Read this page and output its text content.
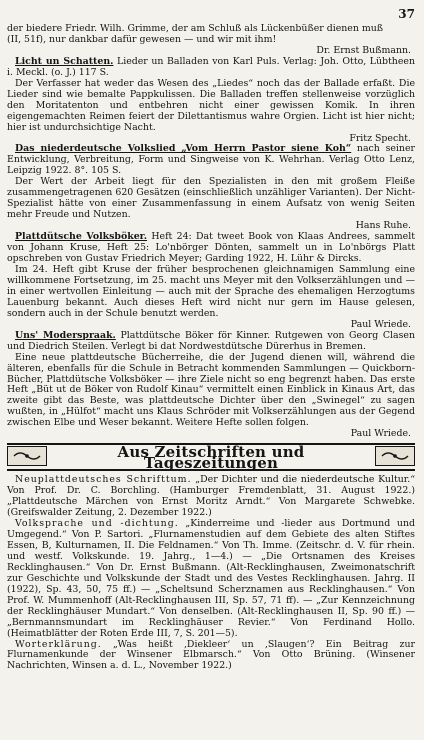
37

der biedere Friedr. Wilh. Grimme, der am Schluß als Lückenbüßer dienen muß

(II, 51f), nur dankbar dafür gewesen — und wir mit ihm!

Dr. Ernst Bußmann.

Licht un Schatten. Lieder un Balladen von Karl Puls. Verlag: Joh. Otto, Lübtheen i. Meckl. (o. J.) 117 S.

Der Verfasser hat weder das Wesen des „Liedes“ noch das der Ballade erfaßt. Die Lieder sind wie bemalte Pappkulissen. Die Balladen treffen stellenweise vorzüglich den Moritatenton und entbehren nicht einer gewissen Komik. In ihren eigengemachten Reimen feiert der Dilettantismus wahre Orgien. Licht ist hier nicht; hier ist undurchsichtige Nacht.

Fritz Specht.

Das niederdeutsche Volkslied „Vom Herrn Pastor siene Koh“ nach seiner Entwicklung, Verbreitung, Form und Singweise von K. Wehrhan. Verlag Otto Lenz, Leipzig 1922. 8°. 105 S.

Der Wert der Arbeit liegt für den Spezialisten in den mit großem Fleiße zusammengetragenen 620 Gesätzen (einschließlich unzähliger Varianten). Der Nicht-Spezialist hätte von einer Zusammenfassung in einem Aufsatz von wenig Seiten mehr Freude und Nutzen.

Hans Ruhe.

Plattdütsche Volksböker. Heft 24: Dat tweet Book von Klaas Andrees, sammelt von Johann Kruse, Heft 25: Lo'nbörger Dönten, sammelt un in Lo'nbörgs Platt opschreben von Gustav Friedrich Meyer; Garding 1922, H. Lühr & Dircks.

Im 24. Heft gibt Kruse der früher besprochenen gleichnamigen Sammlung eine willkommene Fortsetzung, im 25. macht uns Meyer mit den Volkserzählungen und — in einer wertvollen Einleitung — auch mit der Sprache des ehemaligen Herzogtums Lauenburg bekannt. Auch dieses Heft wird nicht nur gern im Hause gelesen, sondern auch in der Schule benutzt werden.

Paul Wriede.

Uns' Moderspraak. Plattdütsche Böker för Kinner. Rutgewen von Georg Clasen und Diedrich Steilen. Verlegt bi dat Nordwestdütsche Dürerhus in Bremen.

Eine neue plattdeutsche Bücherreihe, die der Jugend dienen will, während die älteren, ebenfalls für die Schule in Betracht kommenden Sammlungen — Quickborn-Bücher, Plattdütsche Volksböker — ihre Ziele nicht so eng begrenzt haben. Das erste Heft „Büt ut de Böker von Rudolf Kinau“ vermittelt einen Einblick in Kinaus Art, das zweite gibt das Beste, was plattdeutsche Dichter über den „Swinegel“ zu sagen wußten, in „Hülfot“ macht uns Klaus Schröder mit Volkserzählungen aus der Gegend zwischen Elbe und Weser bekannt. Weitere Hefte sollen folgen.

Paul Wriede.
Aus Zeitschriften und Tageszeitungen

Neuplattdeutsches Schrifttum. „Der Dichter und die niederdeutsche Kultur.“ Von Prof. Dr. C. Borchling. (Hamburger Fremdenblatt, 31. August 1922.) „Plattdeutsche Märchen von Ernst Moritz Arndt.“ Von Margarete Schwebke. (Greifswalder Zeitung, 2. Dezember 1922.)

Volksprache und -dichtung. „Kinderreime und -lieder aus Dortmund und Umgegend.“ Von P. Sartori. „Flurnamenstudien auf dem Gebiete des alten Stiftes Essen, B, Kulturnamen, II. Die Feldnamen.“ Von Th. Imme. (Zeitschr. d. V. für rhein. und westf. Volkskunde. 19. Jahrg., 1—4.) — „Die Ortsnamen des Kreises Recklinghausen.“ Von Dr. Ernst Bußmann. (Alt-Recklinghausen, Zweimonatschrift zur Geschichte und Volkskunde der Stadt und des Vestes Recklinghausen. Jahrg. II (1922), Sp. 43, 50, 75 ff.) — „Scheltsund Scherznamen aus Recklinghausen.“ Von Prof. W. Mummenhoff (Alt-Recklinghausen III, Sp. 57, 71 ff). — „Zur Kennzeichnung der Recklinghäuser Mundart.“ Von denselben. (Alt-Recklinghausen II, Sp. 90 ff.) — „Bernmannsmundart im Recklinghäuser Revier.“ Von Ferdinand Hollo. (Heimatblätter der Roten Erde III, 7, S. 201—5).

Worterklärung. „Was heißt ‚Diekleer‘ un ‚Slaugen‘? Ein Beitrag zur Flurnamenkunde der Winsener Elbmarsch.“ Von Otto Brüning. (Winsener Nachrichten, Winsen a. d. L., November 1922.)
